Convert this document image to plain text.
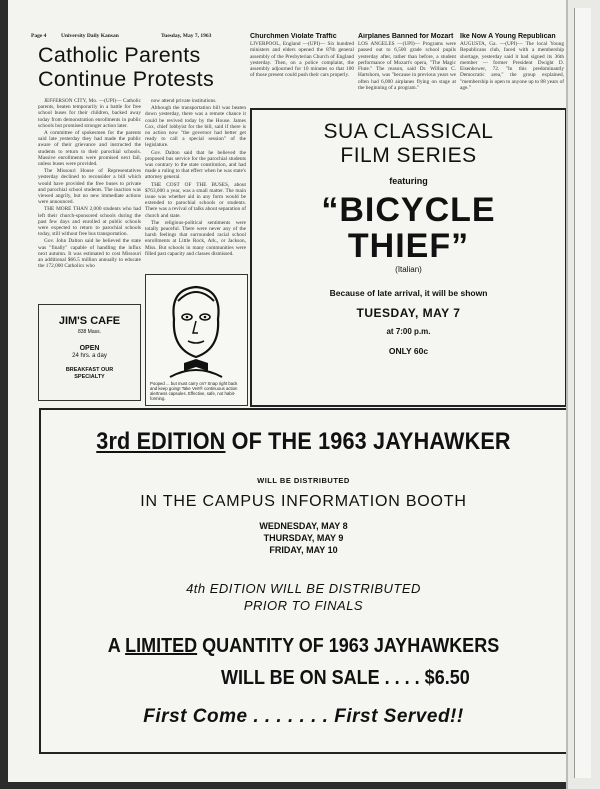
Page 4	University Daily Kansan	Tuesday, May 7, 1963
Catholic Parents
Continue Protests

JEFFERSON CITY, Mo. —(UPI)— Catholic parents, beaten temporarily in a battle for free school buses for their children, backed away today from demonstration enrollments in public schools but promised stronger action later.

A committee of spokesmen for the parents said late yesterday they had made the public aware of their grievance and instructed the students to return to their parochial schools. Massive enrollments were promised next fall, unless buses were provided.

The Missouri House of Representatives yesterday declined to reconsider a bill which would have provided the free buses to private and parochial school students. The inaction was viewed angrily, but no new immediate actions were announced.

THE MORE THAN 2,000 students who had left their church-sponsored schools during the past few days and enrolled at public schools were expected to return to parochial schools today, still without free bus transportation.

Gov. John Dalton said he believed the state was "finally" capable of handling the influx next autumn. It was estimated to cost Missouri an additional $66.5 million annually to educate the 172,000 Catholics who

now attend private institutions.

Although the transportation bill was beaten down yesterday, there was a remote chance it could be revived today by the House. James Cox, chief lobbyist for the bill, said if there is no action now "the governor had better get ready to call a special session" of the legislature.

Gov. Dalton said that he believed the proposed bus service for the parochial students was contrary to the state constitution, and had made a ruling to that effect when he was state's attorney general.

THE COST OF THE BUSES, about $763,000 a year, was a small matter. The main issue was whether aid in any form would be extended to parochial schools or students. There was a revival of talks about separation of church and state.

The religious-political sentiments were totally peaceful. There were never any of the harsh feelings that surrounded racial school enrollments at Little Rock, Ark., or Jackson, Miss. But schools in many communities were filled past capacity and classes dismissed.

JIM'S CAFE
838 Mass.
OPEN
24 hrs. a day
BREAKFAST OUR
SPECIALTY
Pooped ... but must carry on? Snap right back and keep going! Take Vert® continuous action alertness capsules. Effective, safe, not habit-forming.
Churchmen Violate Traffic
LIVERPOOL, England —(UPI)— Six hundred ministers and elders opened the 87th general assembly of the Presbyterian Church of England yesterday. Then, on a police complaint, the assembly adjourned for 10 minutes so that 100 of those present could push their cars properly.
Airplanes Banned for Mozart
LOS ANGELES —(UPI)— Programs were passed out to 6,500 grade school pupils yesterday after, rather than before, a student performance of Mozart's opera, "The Magic Flute." The reason, said Dr. William C. Hartshorn, was "because in previous years we often had 6,000 airplanes flying on stage at the beginning of a program."
Ike Now A Young Republican
AUGUSTA, Ga. —(UPI)— The local Young Republicans club, faced with a membership shortage, yesterday said it had signed its 36th member — former President Dwight D. Eisenhower, 72. "In this predominantly Democratic area," the group explained, "membership is open to anyone up to 88 years of age."
SUA CLASSICAL
FILM SERIES
featuring
“BICYCLE
THIEF”
(Italian)
Because of late arrival, it will be shown
TUESDAY, MAY 7
at 7:00 p.m.
ONLY 60c
3rd EDITION OF THE 1963 JAYHAWKER
WILL BE DISTRIBUTED
IN THE CAMPUS INFORMATION BOOTH
WEDNESDAY, MAY 8
THURSDAY, MAY 9
FRIDAY, MAY 10
4th EDITION WILL BE DISTRIBUTED
PRIOR TO FINALS
A LIMITED QUANTITY OF 1963 JAYHAWKERS
WILL BE ON SALE . . . . $6.50
First Come . . . . . . . First Served!!
